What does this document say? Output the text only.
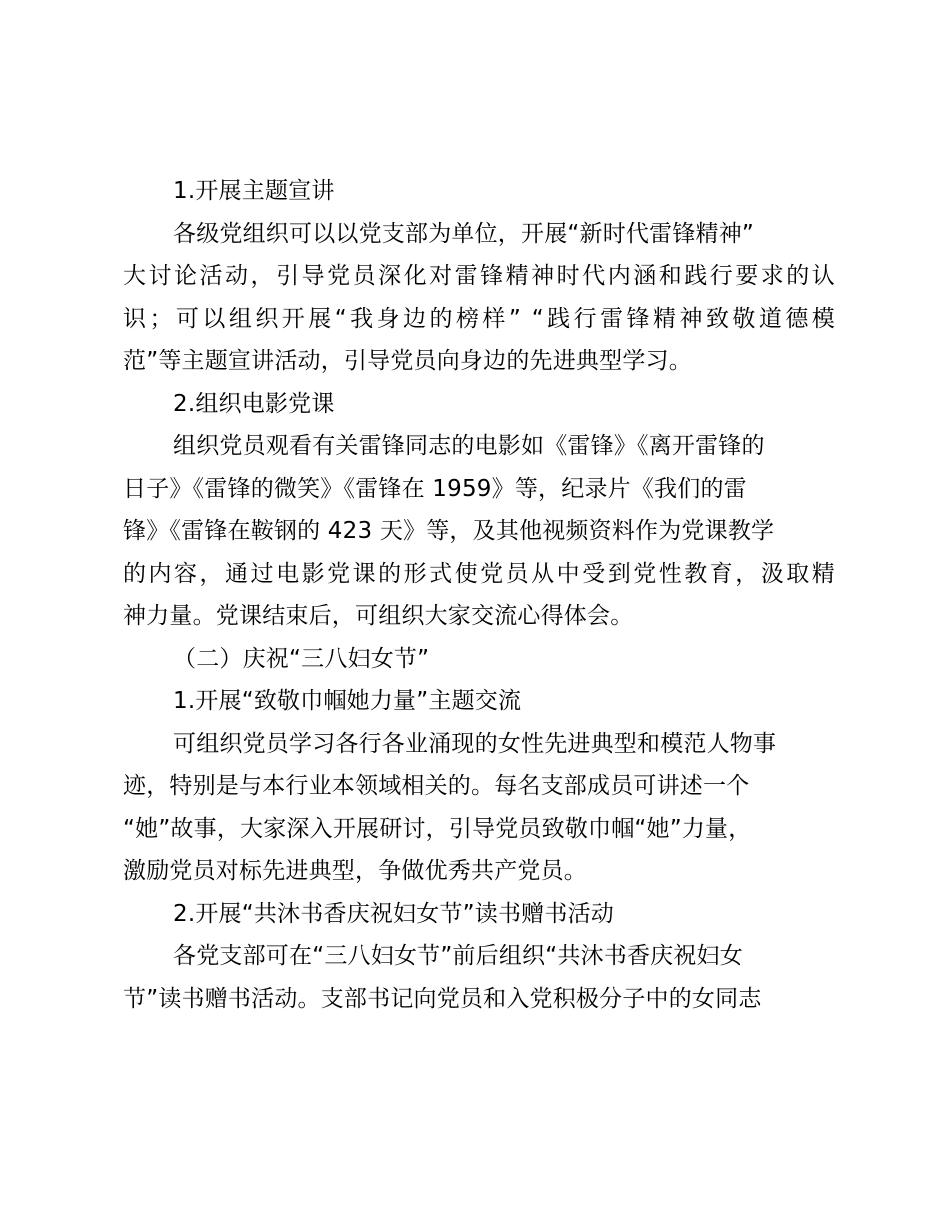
1.开展主题宣讲
各级党组织可以以党支部为单位，开展“新时代雷锋精神”
大讨论活动，引导党员深化对雷锋精神时代内涵和践行要求的认
识；可以组织开展“我身边的榜样” “践行雷锋精神致敬道德模
范”等主题宣讲活动，引导党员向身边的先进典型学习。
2.组织电影党课
组织党员观看有关雷锋同志的电影如《雷锋》《离开雷锋的
日子》《雷锋的微笑》《雷锋在 1959》等，纪录片《我们的雷
锋》《雷锋在鞍钢的 423 天》等，及其他视频资料作为党课教学
的内容，通过电影党课的形式使党员从中受到党性教育，汲取精
神力量。党课结束后，可组织大家交流心得体会。
（二）庆祝“三八妇女节”
1.开展“致敬巾帼她力量”主题交流
可组织党员学习各行各业涌现的女性先进典型和模范人物事
迹，特别是与本行业本领域相关的。每名支部成员可讲述一个
“她”故事，大家深入开展研讨，引导党员致敬巾帼“她”力量，
激励党员对标先进典型，争做优秀共产党员。
2.开展“共沐书香庆祝妇女节”读书赠书活动
各党支部可在“三八妇女节”前后组织“共沐书香庆祝妇女
节”读书赠书活动。支部书记向党员和入党积极分子中的女同志
